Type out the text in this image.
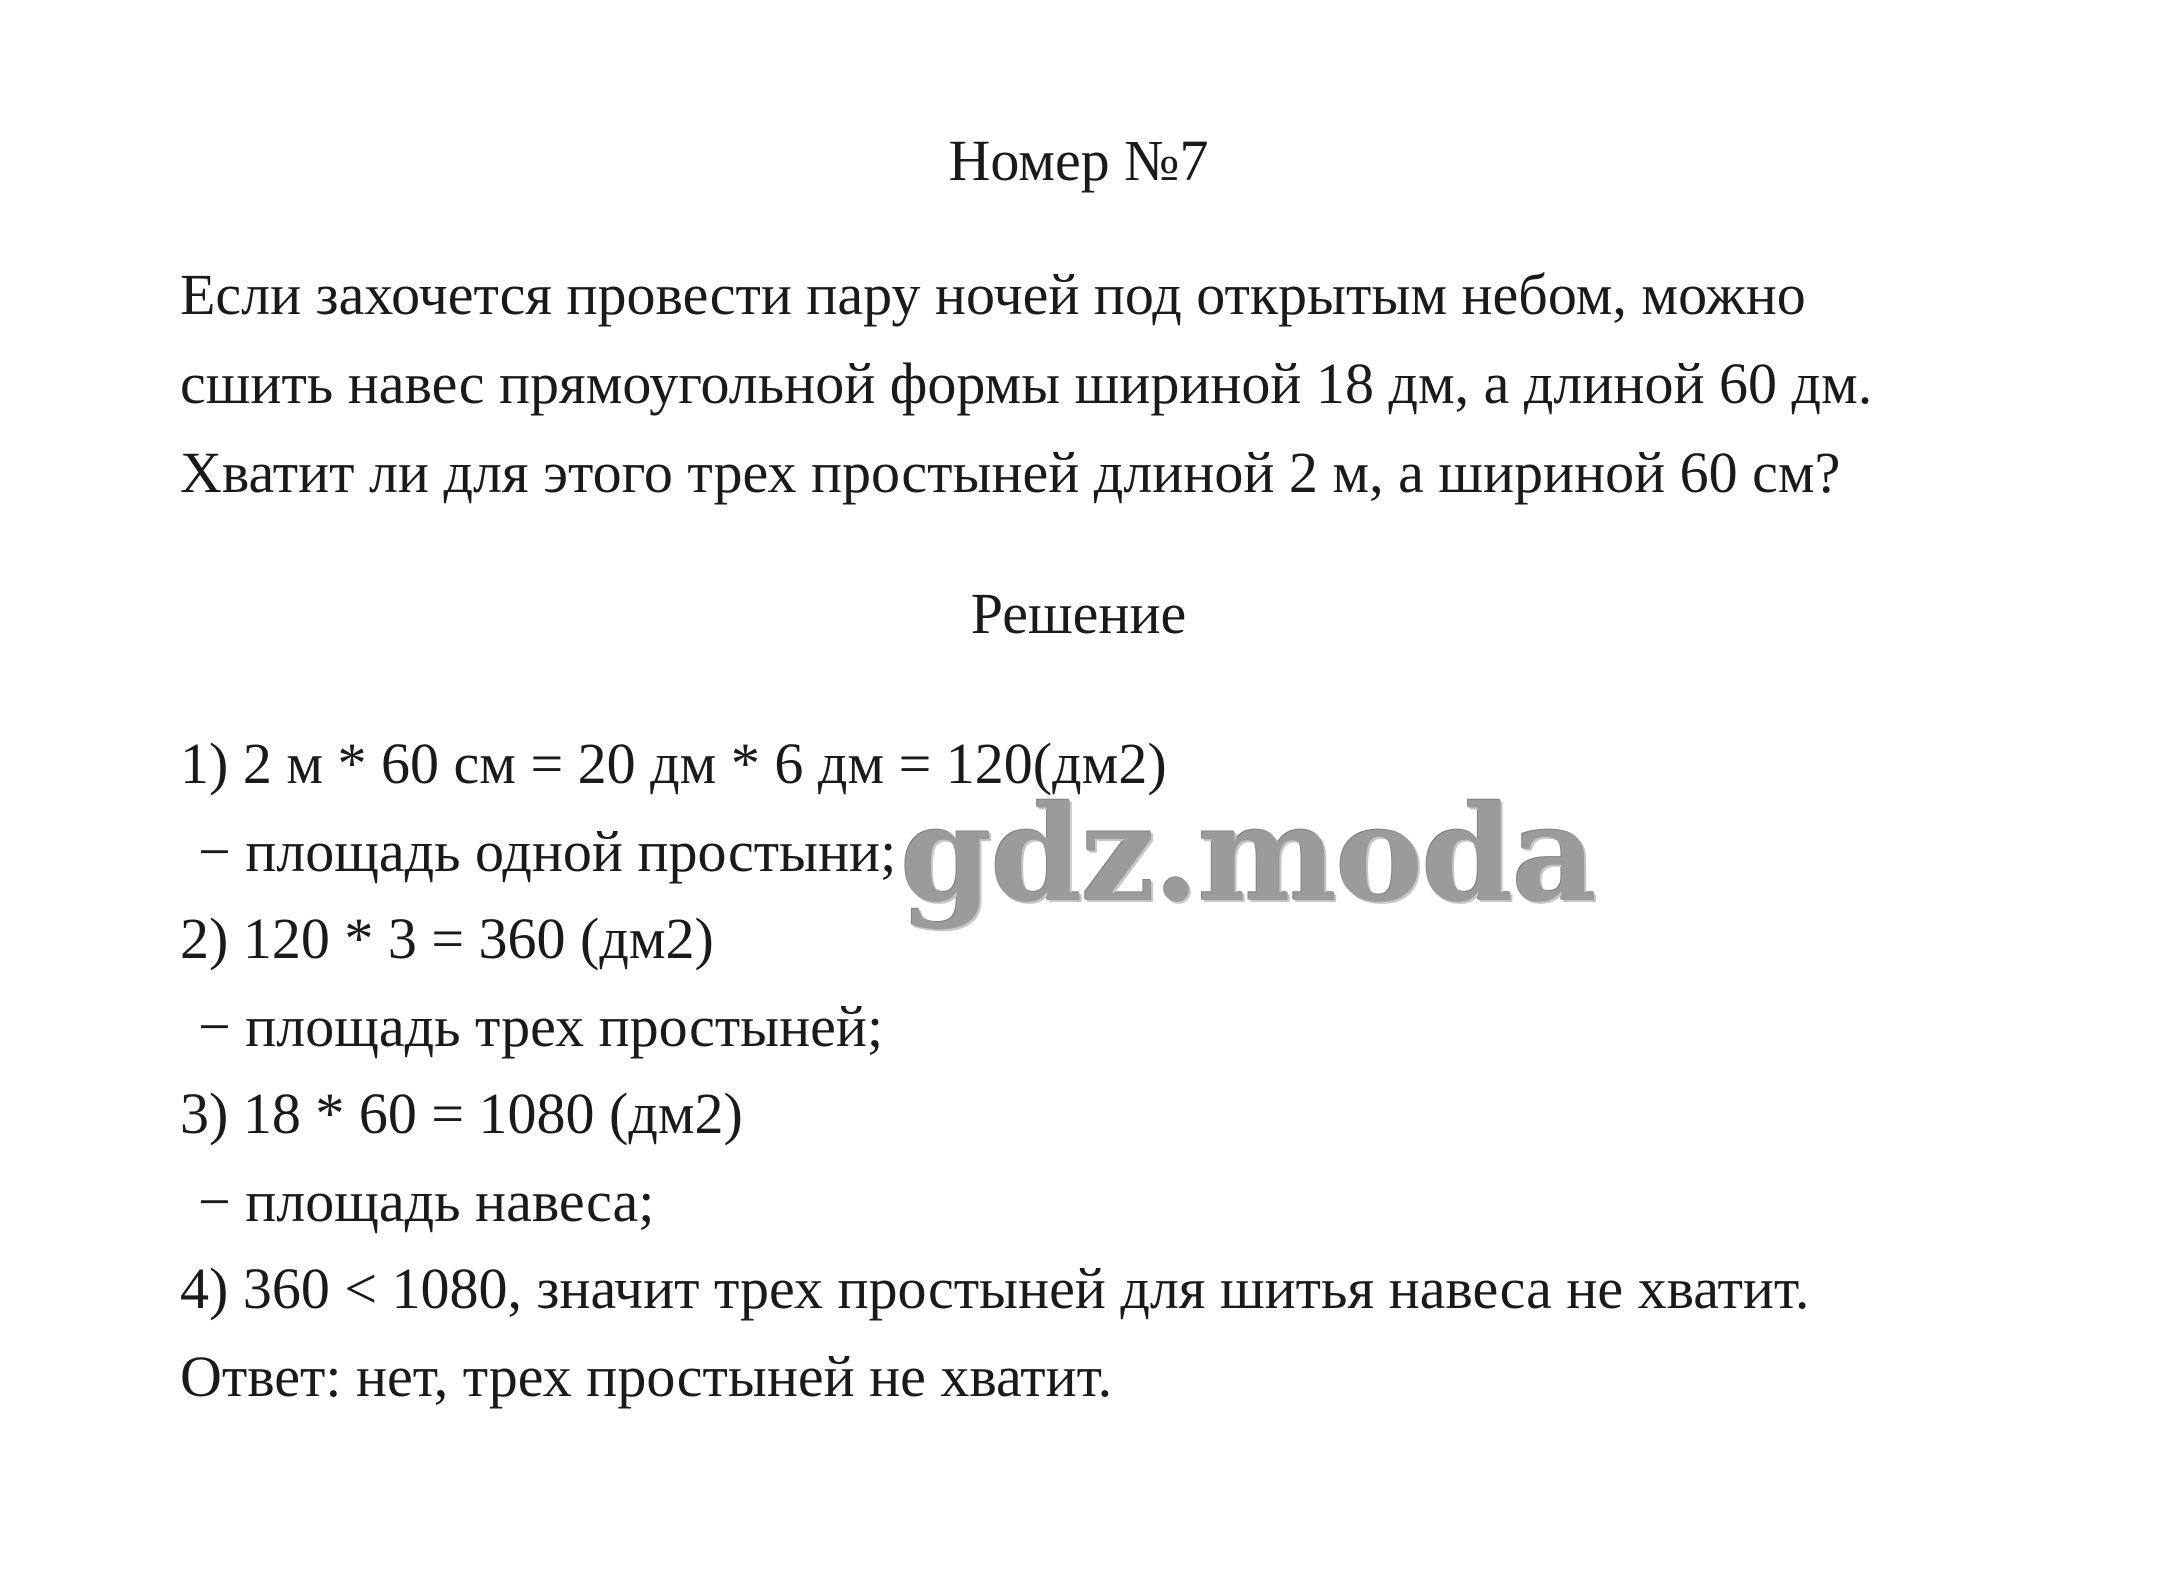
Номер №7
Если захочется провести пару ночей под открытым небом, можно
сшить навес прямоугольной формы шириной 18 дм, а длиной 60 дм.
Хватит ли для этого трех простыней длиной 2 м, а шириной 60 см?
Решение
1) 2 м * 60 см = 20 дм * 6 дм = 120(дм2)
− площадь одной простыни;
2) 120 * 3 = 360 (дм2)
− площадь трех простыней;
3) 18 * 60 = 1080 (дм2)
− площадь навеса;
4) 360 < 1080, значит трех простыней для шитья навеса не хватит.
Ответ: нет, трех простыней не хватит.
gdz.moda
